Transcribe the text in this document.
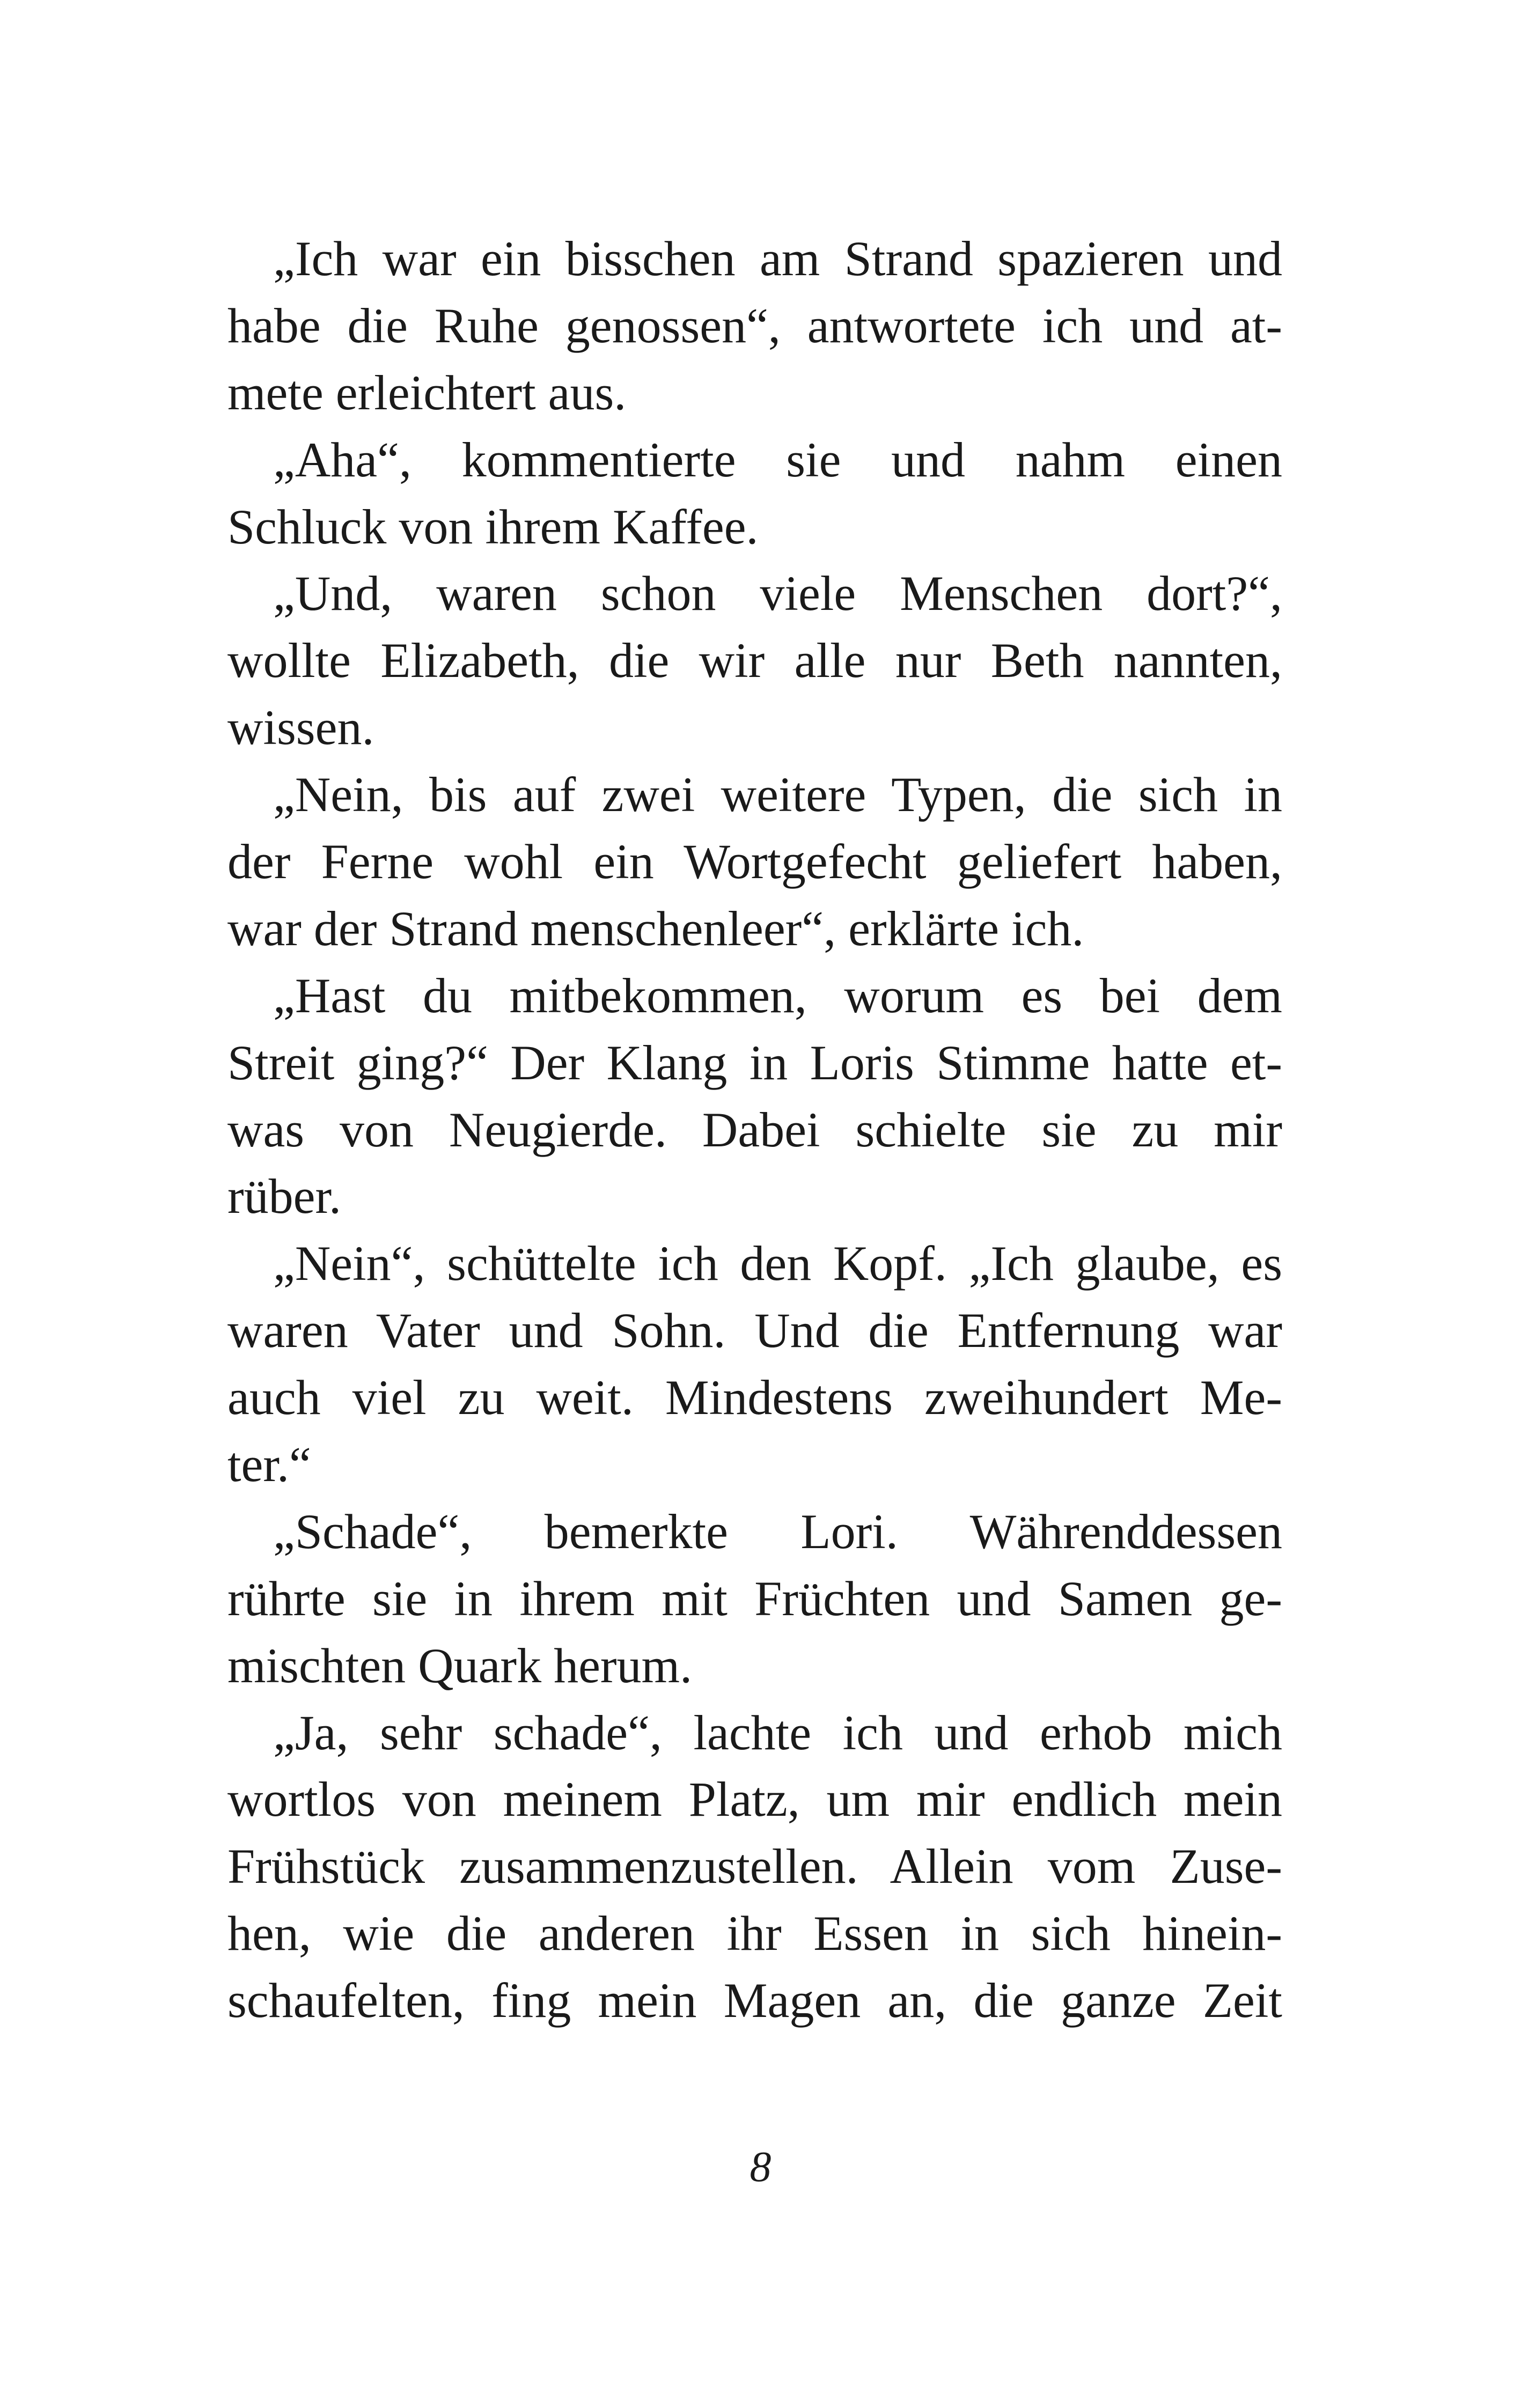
„Ich war ein bisschen am Strand spazieren und
habe die Ruhe genossen“, antwortete ich und at-
mete erleichtert aus.
„Aha“, kommentierte sie und nahm einen
Schluck von ihrem Kaffee.
„Und, waren schon viele Menschen dort?“,
wollte Elizabeth, die wir alle nur Beth nannten,
wissen.
„Nein, bis auf zwei weitere Typen, die sich in
der Ferne wohl ein Wortgefecht geliefert haben,
war der Strand menschenleer“, erklärte ich.
„Hast du mitbekommen, worum es bei dem
Streit ging?“ Der Klang in Loris Stimme hatte et-
was von Neugierde. Dabei schielte sie zu mir
rüber.
„Nein“, schüttelte ich den Kopf. „Ich glaube, es
waren Vater und Sohn. Und die Entfernung war
auch viel zu weit. Mindestens zweihundert Me-
ter.“
„Schade“, bemerkte Lori. Währenddessen
rührte sie in ihrem mit Früchten und Samen ge-
mischten Quark herum.
„Ja, sehr schade“, lachte ich und erhob mich
wortlos von meinem Platz, um mir endlich mein
Frühstück zusammenzustellen. Allein vom Zuse-
hen, wie die anderen ihr Essen in sich hinein-
schaufelten, fing mein Magen an, die ganze Zeit
8
